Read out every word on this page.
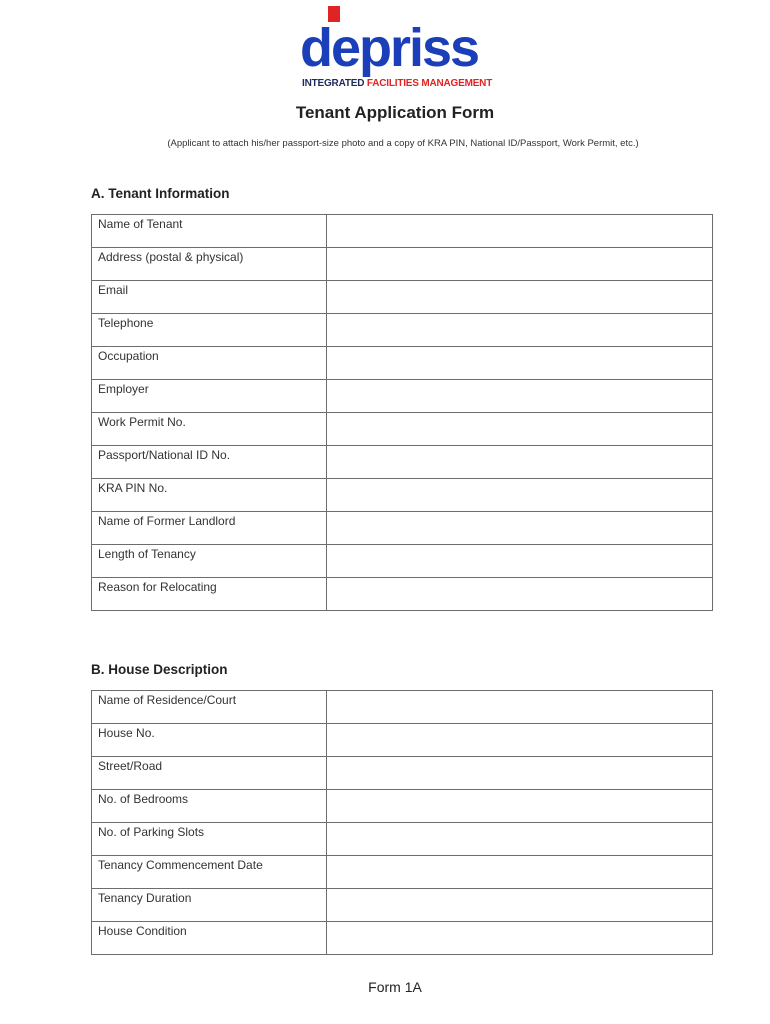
depriss
INTEGRATED FACILITIES MANAGEMENT
Tenant Application Form
(Applicant to attach his/her passport-size photo and a copy of KRA PIN, National ID/Passport, Work Permit, etc.)
A. Tenant Information
Name of Tenant	
Address (postal & physical)	
Email	
Telephone	
Occupation	
Employer	
Work Permit No.	
Passport/National ID No.	
KRA PIN No.	
Name of Former Landlord	
Length of Tenancy	
Reason for Relocating	
B. House Description
Name of Residence/Court	
House No.	
Street/Road	
No. of Bedrooms	
No. of Parking Slots	
Tenancy Commencement Date	
Tenancy Duration	
House Condition	
Form 1A
